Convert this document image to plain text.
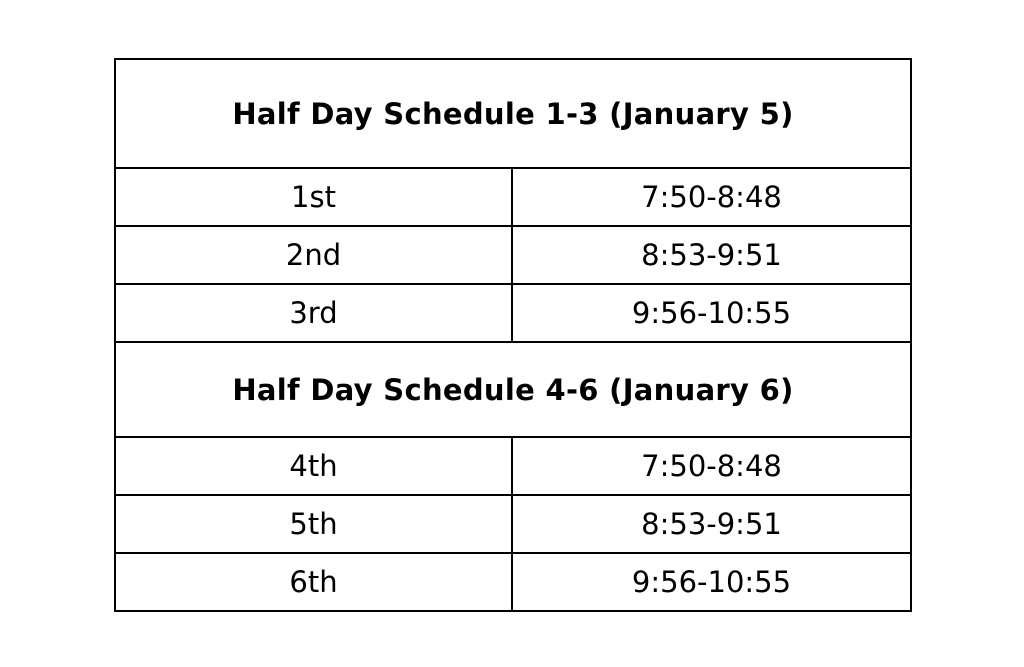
Half Day Schedule 1-3 (January 5)	
1st	7:50-8:48
2nd	8:53-9:51
3rd	9:56-10:55
Half Day Schedule 4-6 (January 6)	
4th	7:50-8:48
5th	8:53-9:51
6th	9:56-10:55
